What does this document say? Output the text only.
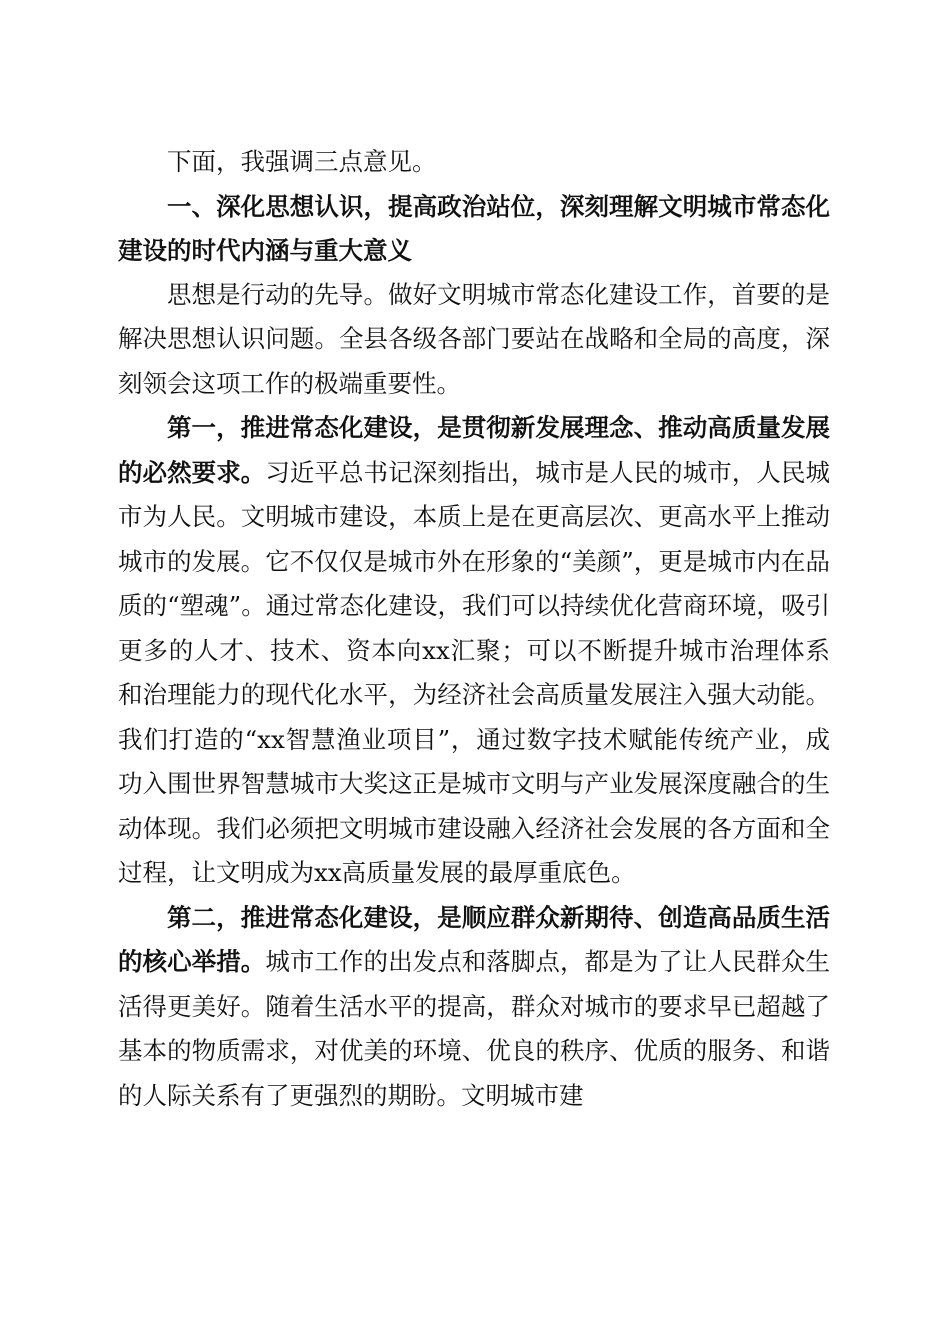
下面，我强调三点意见。

一、深化思想认识，提高政治站位，深刻理解文明城市常态化建设的时代内涵与重大意义

思想是行动的先导。做好文明城市常态化建设工作，首要的是解决思想认识问题。全县各级各部门要站在战略和全局的高度，深刻领会这项工作的极端重要性。

第一，推进常态化建设，是贯彻新发展理念、推动高质量发展的必然要求。习近平总书记深刻指出，城市是人民的城市，人民城市为人民。文明城市建设，本质上是在更高层次、更高水平上推动城市的发展。它不仅仅是城市外在形象的“美颜”，更是城市内在品质的“塑魂”。通过常态化建设，我们可以持续优化营商环境，吸引更多的人才、技术、资本向xx汇聚；可以不断提升城市治理体系和治理能力的现代化水平，为经济社会高质量发展注入强大动能。我们打造的“xx智慧渔业项目”，通过数字技术赋能传统产业，成功入围世界智慧城市大奖这正是城市文明与产业发展深度融合的生动体现。我们必须把文明城市建设融入经济社会发展的各方面和全过程，让文明成为xx高质量发展的最厚重底色。

第二，推进常态化建设，是顺应群众新期待、创造高品质生活的核心举措。城市工作的出发点和落脚点，都是为了让人民群众生活得更美好。随着生活水平的提高，群众对城市的要求早已超越了基本的物质需求，对优美的环境、优良的秩序、优质的服务、和谐的人际关系有了更强烈的期盼。文明城市建
